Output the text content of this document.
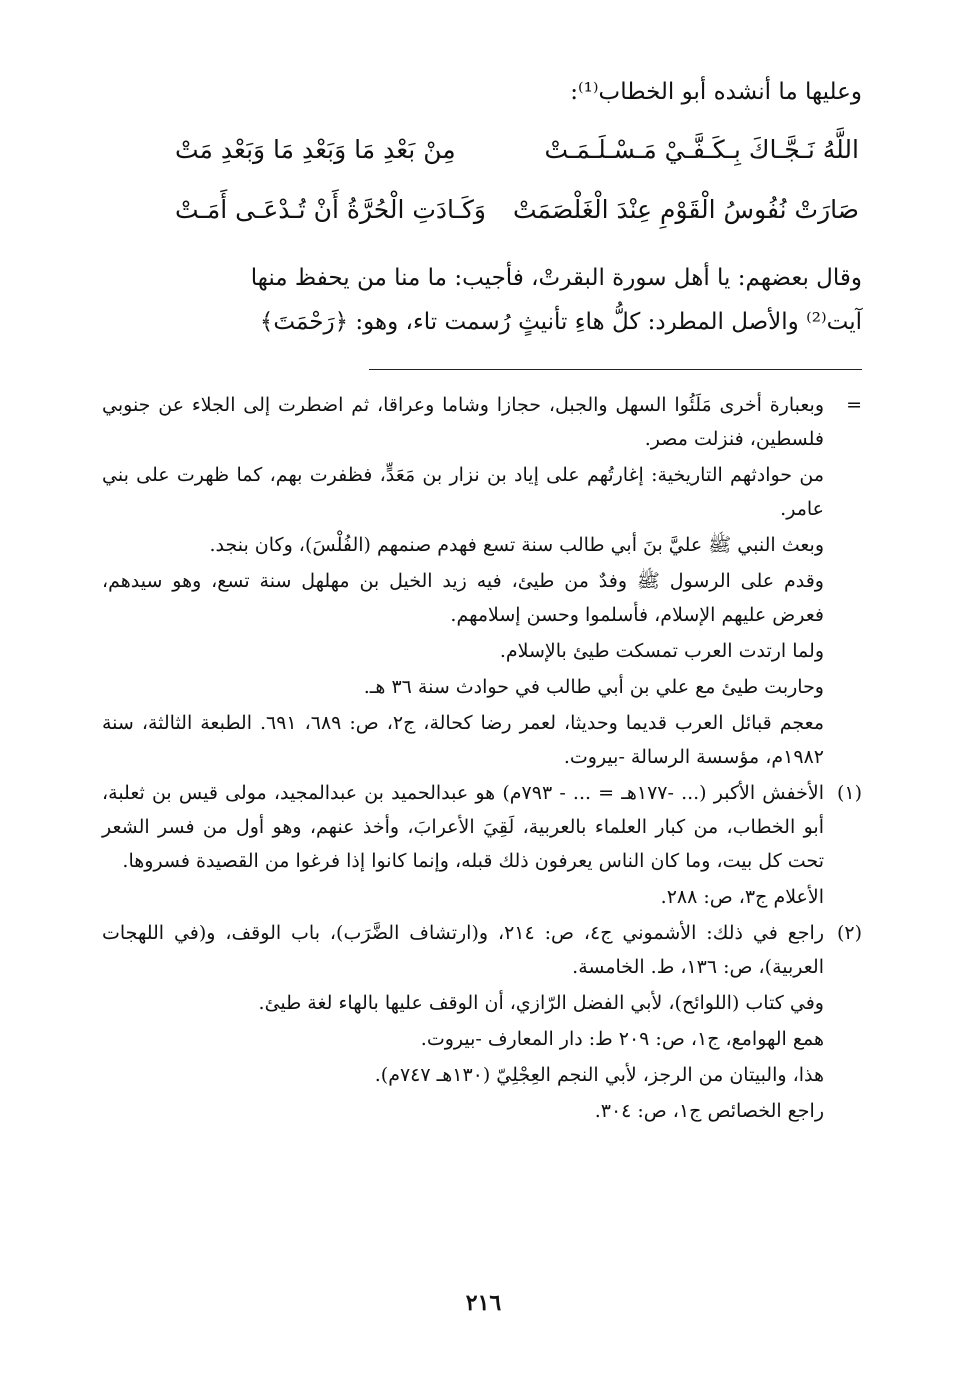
وعليها ما أنشده أبو الخطاب⁽¹⁾:
اللَّهُ نَـجَّـاكَ بِـكَـفَّـيْ مَـسْـلَـمَـتْ
مِنْ بَعْدِ مَا وَبَعْدِ مَا وَبَعْدِ مَتْ
صَارَتْ نُفُوسُ الْقَوْمِ عِنْدَ الْغَلْصَمَتْ
وَكَـادَتِ الْحُرَّةُ أَنْ تُـدْعَـى أَمَـتْ

وقال بعضهم: يا أهل سورة البقرتْ، فأجيب: ما منا من يحفظ منها

آيت⁽²⁾ والأصل المطرد: كلُّ هاءِ تأنيثٍ رُسمت تاء، وهو: ﴿رَحْمَتَ﴾

=
وبعبارة أخرى مَلَئُوا السهل والجبل، حجازا وشاما وعراقا، ثم اضطرت إلى الجلاء عن جنوبي فلسطين، فنزلت مصر.

من حوادثهم التاريخية: إغارتُهم على إياد بن نزار بن مَعَدٍّ، فظفرت بهم، كما ظهرت على بني عامر.

وبعث النبي ﷺ عليَّ بنَ أبي طالب سنة تسع فهدم صنمهم (الفُلْسَ)، وكان بنجد.

وقدم على الرسول ﷺ وفدٌ من طيئ، فيه زيد الخيل بن مهلهل سنة تسع، وهو سيدهم، فعرض عليهم الإسلام، فأسلموا وحسن إسلامهم.

ولما ارتدت العرب تمسكت طيئ بالإسلام.

وحاربت طيئ مع علي بن أبي طالب في حوادث سنة ٣٦ هـ.

معجم قبائل العرب قديما وحديثا، لعمر رضا كحالة، ج٢، ص: ٦٨٩، ٦٩١. الطبعة الثالثة، سنة ١٩٨٢م، مؤسسة الرسالة -بيروت.

(١)
الأخفش الأكبر (... -١٧٧هـ = ... - ٧٩٣م) هو عبدالحميد بن عبدالمجيد، مولى قيس بن ثعلبة، أبو الخطاب، من كبار العلماء بالعربية، لَقِيَ الأعرابَ، وأخذ عنهم، وهو أول من فسر الشعر تحت كل بيت، وما كان الناس يعرفون ذلك قبله، وإنما كانوا إذا فرغوا من القصيدة فسروها.

الأعلام ج٣، ص: ٢٨٨.

(٢)
راجع في ذلك: الأشموني ج٤، ص: ٢١٤، و(ارتشاف الضَّرَب)، باب الوقف، و(في اللهجات العربية)، ص: ١٣٦، ط. الخامسة.

وفي كتاب (اللوائح)، لأبي الفضل الرّازي، أن الوقف عليها بالهاء لغة طيئ.

همع الهوامع، ج١، ص: ٢٠٩ ط: دار المعارف -بيروت.

هذا، والبيتان من الرجز، لأبي النجم العِجْلِيّ (١٣٠هـ ٧٤٧م).

راجع الخصائص ج١، ص: ٣٠٤.

٢١٦
